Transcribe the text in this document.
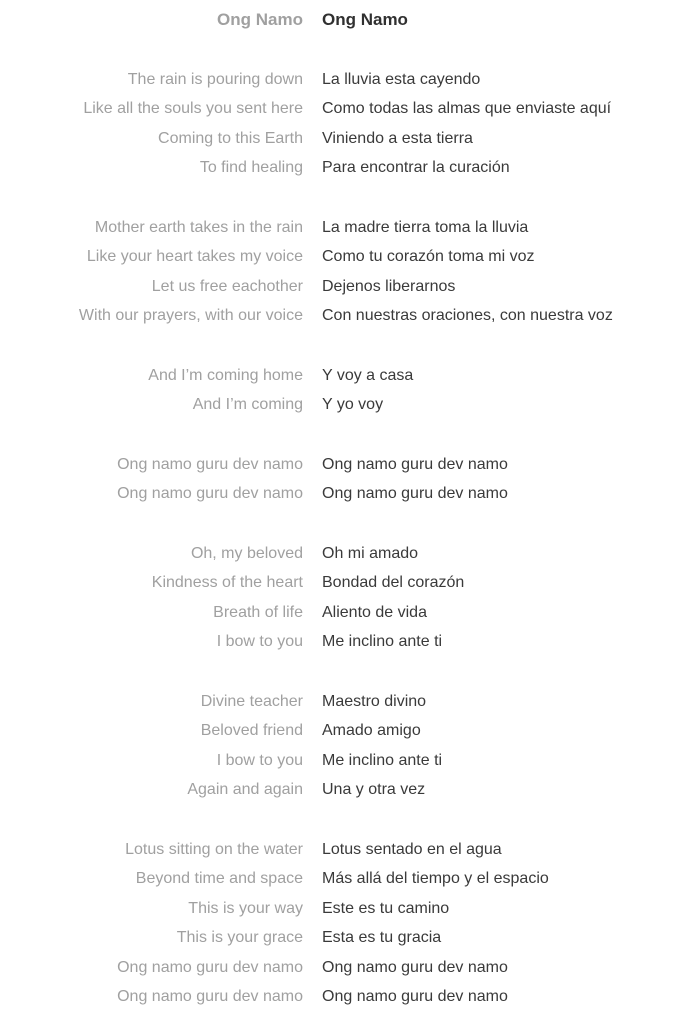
Ong Namo Ong Namo
The rain is pouring down La lluvia esta cayendo
Like all the souls you sent here Como todas las almas que enviaste aquí
Coming to this Earth Viniendo a esta tierra
To find healing Para encontrar la curación
Mother earth takes in the rain La madre tierra toma la lluvia
Like your heart takes my voice Como tu corazón toma mi voz
Let us free eachother Dejenos liberarnos
With our prayers, with our voice Con nuestras oraciones, con nuestra voz
And I’m coming home Y voy a casa
And I’m coming Y yo voy
Ong namo guru dev namo Ong namo guru dev namo
Ong namo guru dev namo Ong namo guru dev namo
Oh, my beloved Oh mi amado
Kindness of the heart Bondad del corazón
Breath of life Aliento de vida
I bow to you Me inclino ante ti
Divine teacher Maestro divino
Beloved friend Amado amigo
I bow to you Me inclino ante ti
Again and again Una y otra vez
Lotus sitting on the water Lotus sentado en el agua
Beyond time and space Más allá del tiempo y el espacio
This is your way Este es tu camino
This is your grace Esta es tu gracia
Ong namo guru dev namo Ong namo guru dev namo
Ong namo guru dev namo Ong namo guru dev namo
